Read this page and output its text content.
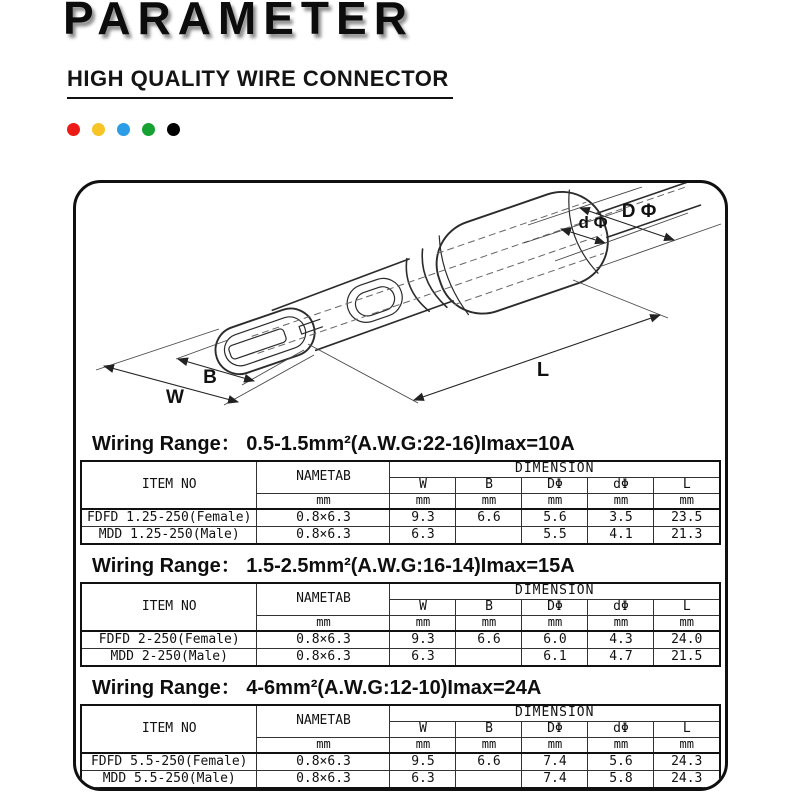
PARAMETER
HIGH QUALITY WIRE CONNECTOR
W
B	L
D Φ
d Φ
Wiring Range： 0.5-1.5mm²(A.W.G:22-16)Imax=10A
ITEM NO	NAMETAB	DIMENSION				
		W	B	DΦ	dΦ	L
	mm	mm	mm	mm	mm	mm
FDFD 1.25-250(Female)	0.8×6.3	9.3	6.6	5.6	3.5	23.5
MDD 1.25-250(Male)	0.8×6.3	6.3		5.5	4.1	21.3
Wiring Range： 1.5-2.5mm²(A.W.G:16-14)Imax=15A
ITEM NO	NAMETAB	DIMENSION				
		W	B	DΦ	dΦ	L
	mm	mm	mm	mm	mm	mm
FDFD 2-250(Female)	0.8×6.3	9.3	6.6	6.0	4.3	24.0
MDD 2-250(Male)	0.8×6.3	6.3		6.1	4.7	21.5
Wiring Range： 4-6mm²(A.W.G:12-10)Imax=24A
ITEM NO	NAMETAB	DIMENSION				
		W	B	DΦ	dΦ	L
	mm	mm	mm	mm	mm	mm
FDFD 5.5-250(Female)	0.8×6.3	9.5	6.6	7.4	5.6	24.3
MDD 5.5-250(Male)	0.8×6.3	6.3		7.4	5.8	24.3
